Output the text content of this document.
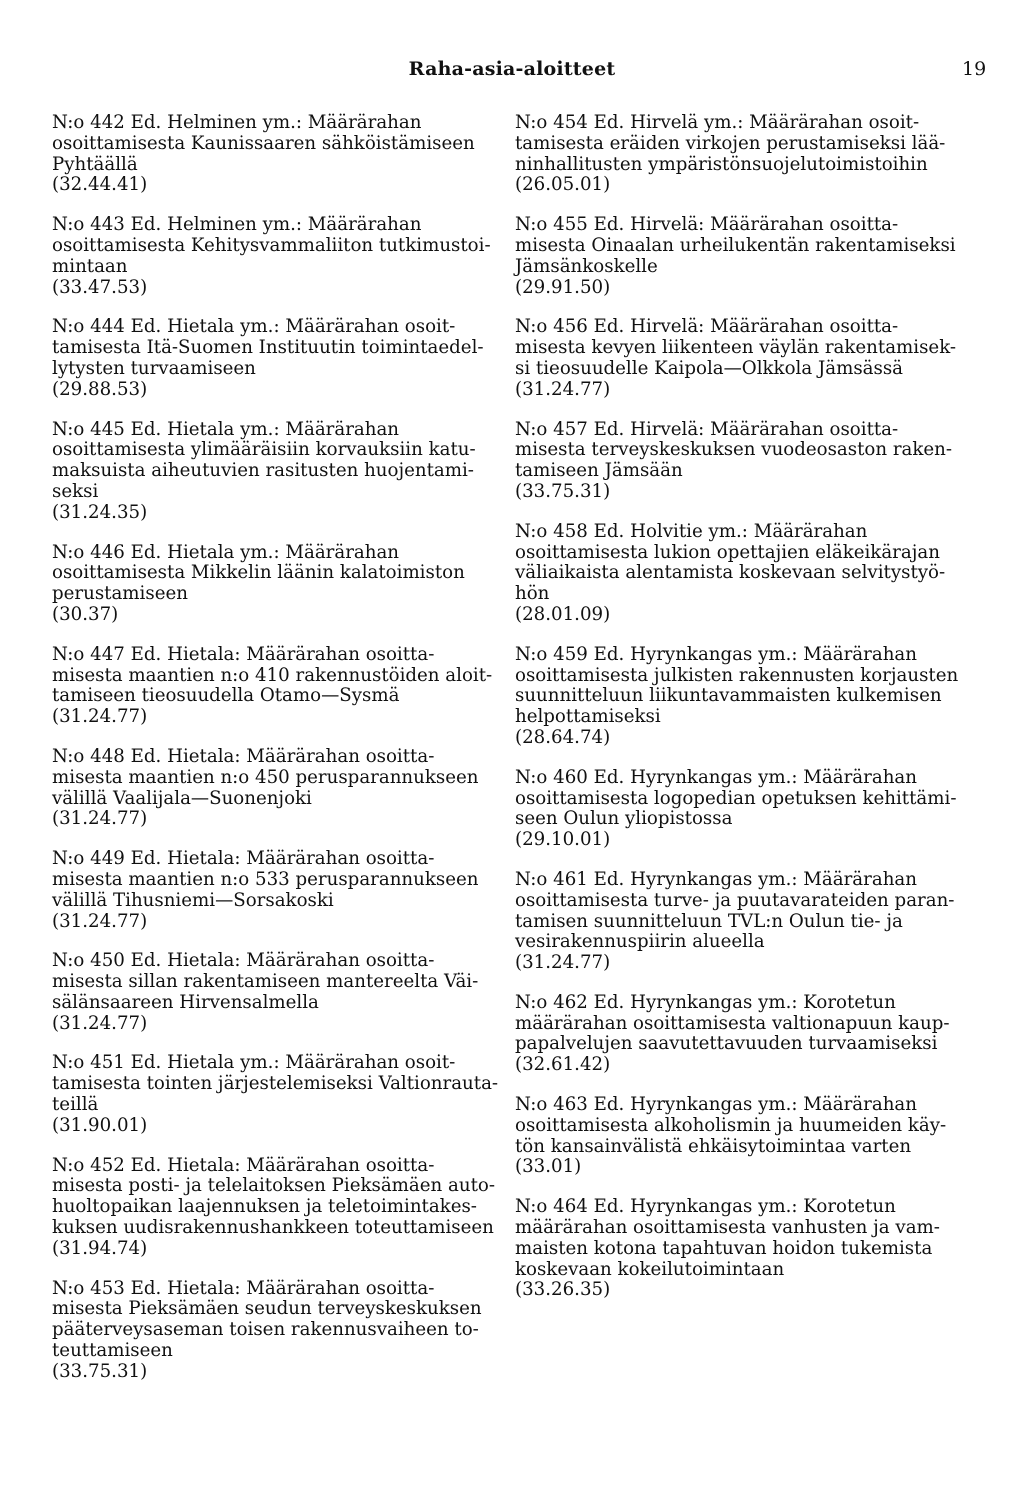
Raha-asia-aloitteet	19
N:o 442 Ed. Helminen ym.: Määrärahan
osoittamisesta Kaunissaaren sähköistämiseen
Pyhtäällä
(32.44.41)
N:o 443 Ed. Helminen ym.: Määrärahan
osoittamisesta Kehitysvammaliiton tutkimustoi-
mintaan
(33.47.53)
N:o 444 Ed. Hietala ym.: Määrärahan osoit-
tamisesta Itä-Suomen Instituutin toimintaedel-
lytysten turvaamiseen
(29.88.53)
N:o 445 Ed. Hietala ym.: Määrärahan
osoittamisesta ylimääräisiin korvauksiin katu-
maksuista aiheutuvien rasitusten huojentami-
seksi
(31.24.35)
N:o 446 Ed. Hietala ym.: Määrärahan
osoittamisesta Mikkelin läänin kalatoimiston
perustamiseen
(30.37)
N:o 447 Ed. Hietala: Määrärahan osoitta-
misesta maantien n:o 410 rakennustöiden aloit-
tamiseen tieosuudella Otamo—Sysmä
(31.24.77)
N:o 448 Ed. Hietala: Määrärahan osoitta-
misesta maantien n:o 450 perusparannukseen
välillä Vaalijala—Suonenjoki
(31.24.77)
N:o 449 Ed. Hietala: Määrärahan osoitta-
misesta maantien n:o 533 perusparannukseen
välillä Tihusniemi—Sorsakoski
(31.24.77)
N:o 450 Ed. Hietala: Määrärahan osoitta-
misesta sillan rakentamiseen mantereelta Väi-
sälänsaareen Hirvensalmella
(31.24.77)
N:o 451 Ed. Hietala ym.: Määrärahan osoit-
tamisesta tointen järjestelemiseksi Valtionrauta-
teillä
(31.90.01)
N:o 452 Ed. Hietala: Määrärahan osoitta-
misesta posti- ja telelaitoksen Pieksämäen auto-
huoltopaikan laajennuksen ja teletoimintakes-
kuksen uudisrakennushankkeen toteuttamiseen
(31.94.74)
N:o 453 Ed. Hietala: Määrärahan osoitta-
misesta Pieksämäen seudun terveyskeskuksen
pääterveysaseman toisen rakennusvaiheen to-
teuttamiseen
(33.75.31)
N:o 454 Ed. Hirvelä ym.: Määrärahan osoit-
tamisesta eräiden virkojen perustamiseksi lää-
ninhallitusten ympäristönsuojelutoimistoihin
(26.05.01)
N:o 455 Ed. Hirvelä: Määrärahan osoitta-
misesta Oinaalan urheilukentän rakentamiseksi
Jämsänkoskelle
(29.91.50)
N:o 456 Ed. Hirvelä: Määrärahan osoitta-
misesta kevyen liikenteen väylän rakentamisek-
si tieosuudelle Kaipola—Olkkola Jämsässä
(31.24.77)
N:o 457 Ed. Hirvelä: Määrärahan osoitta-
misesta terveyskeskuksen vuodeosaston raken-
tamiseen Jämsään
(33.75.31)
N:o 458 Ed. Holvitie ym.: Määrärahan
osoittamisesta lukion opettajien eläkeikärajan
väliaikaista alentamista koskevaan selvitystyö-
hön
(28.01.09)
N:o 459 Ed. Hyrynkangas ym.: Määrärahan
osoittamisesta julkisten rakennusten korjausten
suunnitteluun liikuntavammaisten kulkemisen
helpottamiseksi
(28.64.74)
N:o 460 Ed. Hyrynkangas ym.: Määrärahan
osoittamisesta logopedian opetuksen kehittämi-
seen Oulun yliopistossa
(29.10.01)
N:o 461 Ed. Hyrynkangas ym.: Määrärahan
osoittamisesta turve- ja puutavarateiden paran-
tamisen suunnitteluun TVL:n Oulun tie- ja
vesirakennuspiirin alueella
(31.24.77)
N:o 462 Ed. Hyrynkangas ym.: Korotetun
määrärahan osoittamisesta valtionapuun kaup-
papalvelujen saavutettavuuden turvaamiseksi
(32.61.42)
N:o 463 Ed. Hyrynkangas ym.: Määrärahan
osoittamisesta alkoholismin ja huumeiden käy-
tön kansainvälistä ehkäisytoimintaa varten
(33.01)
N:o 464 Ed. Hyrynkangas ym.: Korotetun
määrärahan osoittamisesta vanhusten ja vam-
maisten kotona tapahtuvan hoidon tukemista
koskevaan kokeilutoimintaan
(33.26.35)
